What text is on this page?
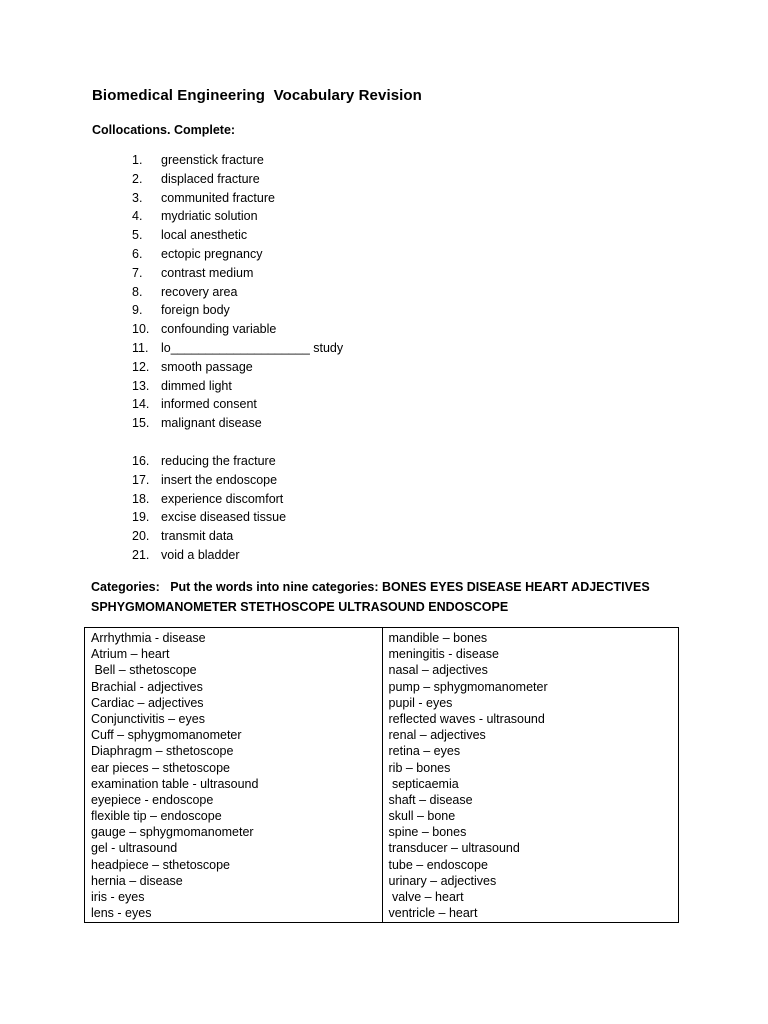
Biomedical Engineering  Vocabulary Revision
Collocations. Complete:
1. greenstick fracture
2. displaced fracture
3. communited fracture
4. mydriatic solution
5. local anesthetic
6. ectopic pregnancy
7. contrast medium
8. recovery area
9. foreign body
10. confounding variable
11. lo____________________ study
12. smooth passage
13. dimmed light
14. informed consent
15. malignant disease
16. reducing the fracture
17. insert the endoscope
18. experience discomfort
19. excise diseased tissue
20. transmit data
21. void a bladder
Categories:   Put the words into nine categories: BONES EYES DISEASE HEART ADJECTIVES SPHYGMOMANOMETER STETHOSCOPE ULTRASOUND ENDOSCOPE
Arrhythmia - disease
Atrium – heart
Bell – sthetoscope
Brachial - adjectives
Cardiac – adjectives
Conjunctivitis – eyes
Cuff – sphygmomanometer
Diaphragm – sthetoscope
ear pieces – sthetoscope
examination table - ultrasound
eyepiece - endoscope
flexible tip – endoscope
gauge – sphygmomanometer
gel - ultrasound
headpiece – sthetoscope
hernia – disease
iris - eyes
lens - eyes
mandible – bones
meningitis - disease
nasal – adjectives
pump – sphygmomanometer
pupil - eyes
reflected waves - ultrasound
renal – adjectives
retina – eyes
rib – bones
septicaemia
shaft – disease
skull – bone
spine – bones
transducer – ultrasound
tube – endoscope
urinary – adjectives
valve – heart
ventricle – heart
